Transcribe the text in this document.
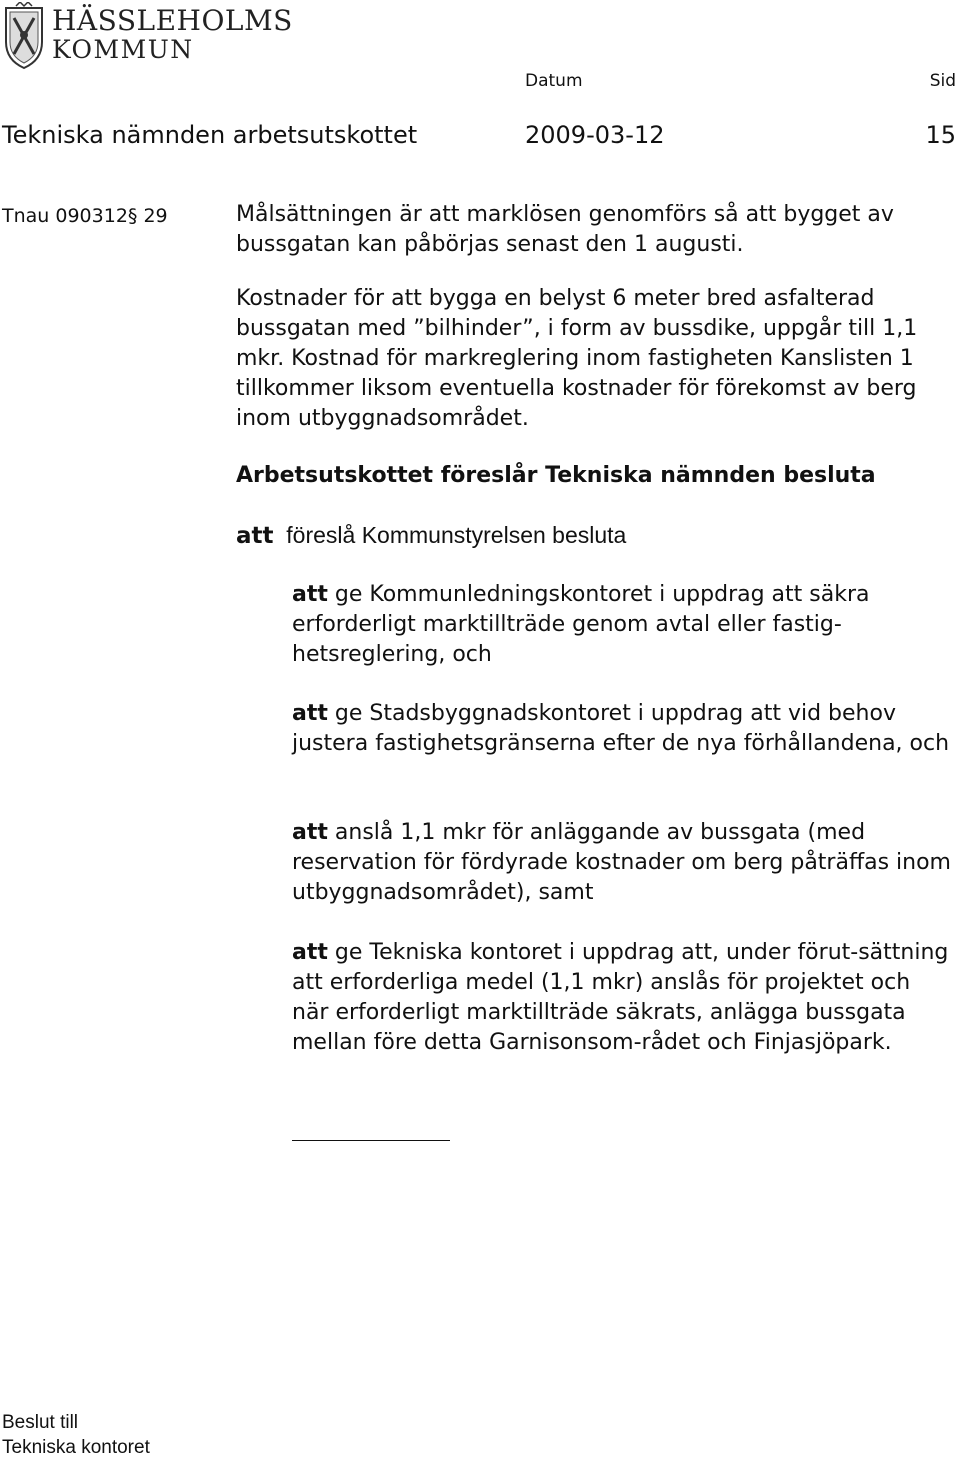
HÄSSLEHOLMS
KOMMUN
Datum	Sid
Tekniska nämnden arbetsutskottet	2009-03-12	15
Tnau 090312§ 29	Målsättningen är att marklösen genomförs så att bygget av bussgatan kan påbörjas senast den 1 augusti.
Kostnader för att bygga en belyst 6 meter bred asfalterad bussgatan med ”bilhinder”, i form av bussdike, uppgår till 1,1 mkr. Kostnad för markreglering inom fastigheten Kanslisten 1 tillkommer liksom eventuella kostnader för förekomst av berg inom utbyggnadsområdet.
Arbetsutskottet föreslår Tekniska nämnden besluta
att föreslå Kommunstyrelsen besluta
att ge Kommunledningskontoret i uppdrag att säkra erforderligt marktillträde genom avtal eller fastig-hetsreglering, och
att ge Stadsbyggnadskontoret i uppdrag att vid behov justera fastighetsgränserna efter de nya förhållandena, och
att anslå 1,1 mkr för anläggande av bussgata (med reservation för fördyrade kostnader om berg påträffas inom utbyggnadsområdet), samt
att ge Tekniska kontoret i uppdrag att, under förut-sättning att erforderliga medel (1,1 mkr) anslås för projektet och när erforderligt marktillträde säkrats, anlägga bussgata mellan före detta Garnisonsom-rådet och Finjasjöpark.
Beslut till
Tekniska kontoret
